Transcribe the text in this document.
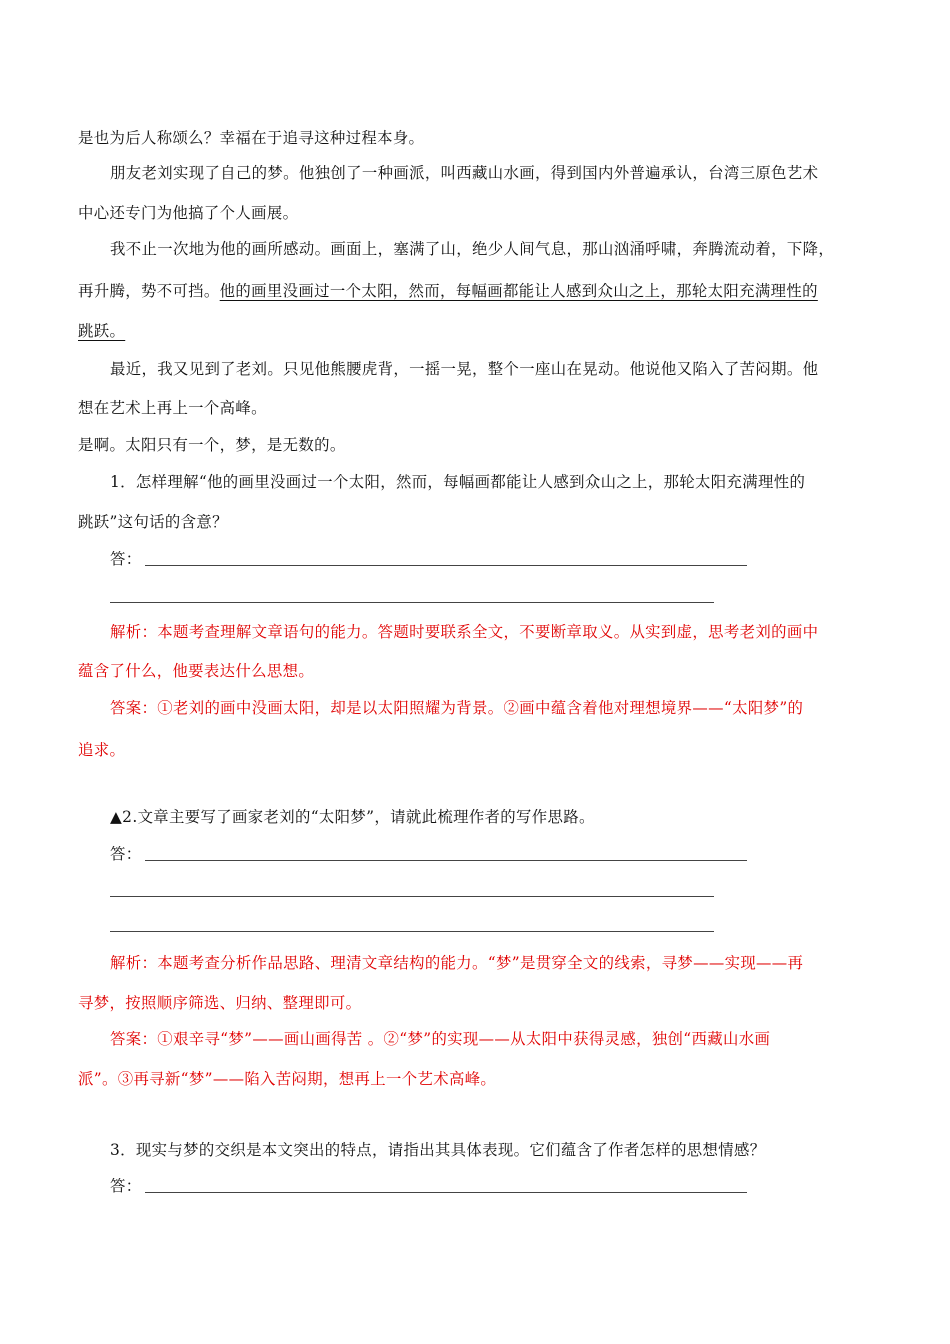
是也为后人称颂么？幸福在于追寻这种过程本身。
朋友老刘实现了自己的梦。他独创了一种画派，叫西藏山水画，得到国内外普遍承认，台湾三原色艺术
中心还专门为他搞了个人画展。
我不止一次地为他的画所感动。画面上，塞满了山，绝少人间气息，那山汹涌呼啸，奔腾流动着，下降，
再升腾，势不可挡。他的画里没画过一个太阳，然而，每幅画都能让人感到众山之上，那轮太阳充满理性的
跳跃。
最近，我又见到了老刘。只见他熊腰虎背，一摇一晃，整个一座山在晃动。他说他又陷入了苦闷期。他
想在艺术上再上一个高峰。
是啊。太阳只有一个，梦，是无数的。
1．怎样理解“他的画里没画过一个太阳，然而，每幅画都能让人感到众山之上，那轮太阳充满理性的
跳跃”这句话的含意？
答：
解析：本题考查理解文章语句的能力。答题时要联系全文，不要断章取义。从实到虚，思考老刘的画中
蕴含了什么，他要表达什么思想。
答案：①老刘的画中没画太阳，却是以太阳照耀为背景。②画中蕴含着他对理想境界——“太阳梦”的
追求。
▲2.文章主要写了画家老刘的“太阳梦”，请就此梳理作者的写作思路。
答：
解析：本题考查分析作品思路、理清文章结构的能力。“梦”是贯穿全文的线索，寻梦——实现——再
寻梦，按照顺序筛选、归纳、整理即可。
答案：①艰辛寻“梦”——画山画得苦 。②“梦”的实现——从太阳中获得灵感，独创“西藏山水画
派”。③再寻新“梦”——陷入苦闷期，想再上一个艺术高峰。
3．现实与梦的交织是本文突出的特点，请指出其具体表现。它们蕴含了作者怎样的思想情感？
答：
